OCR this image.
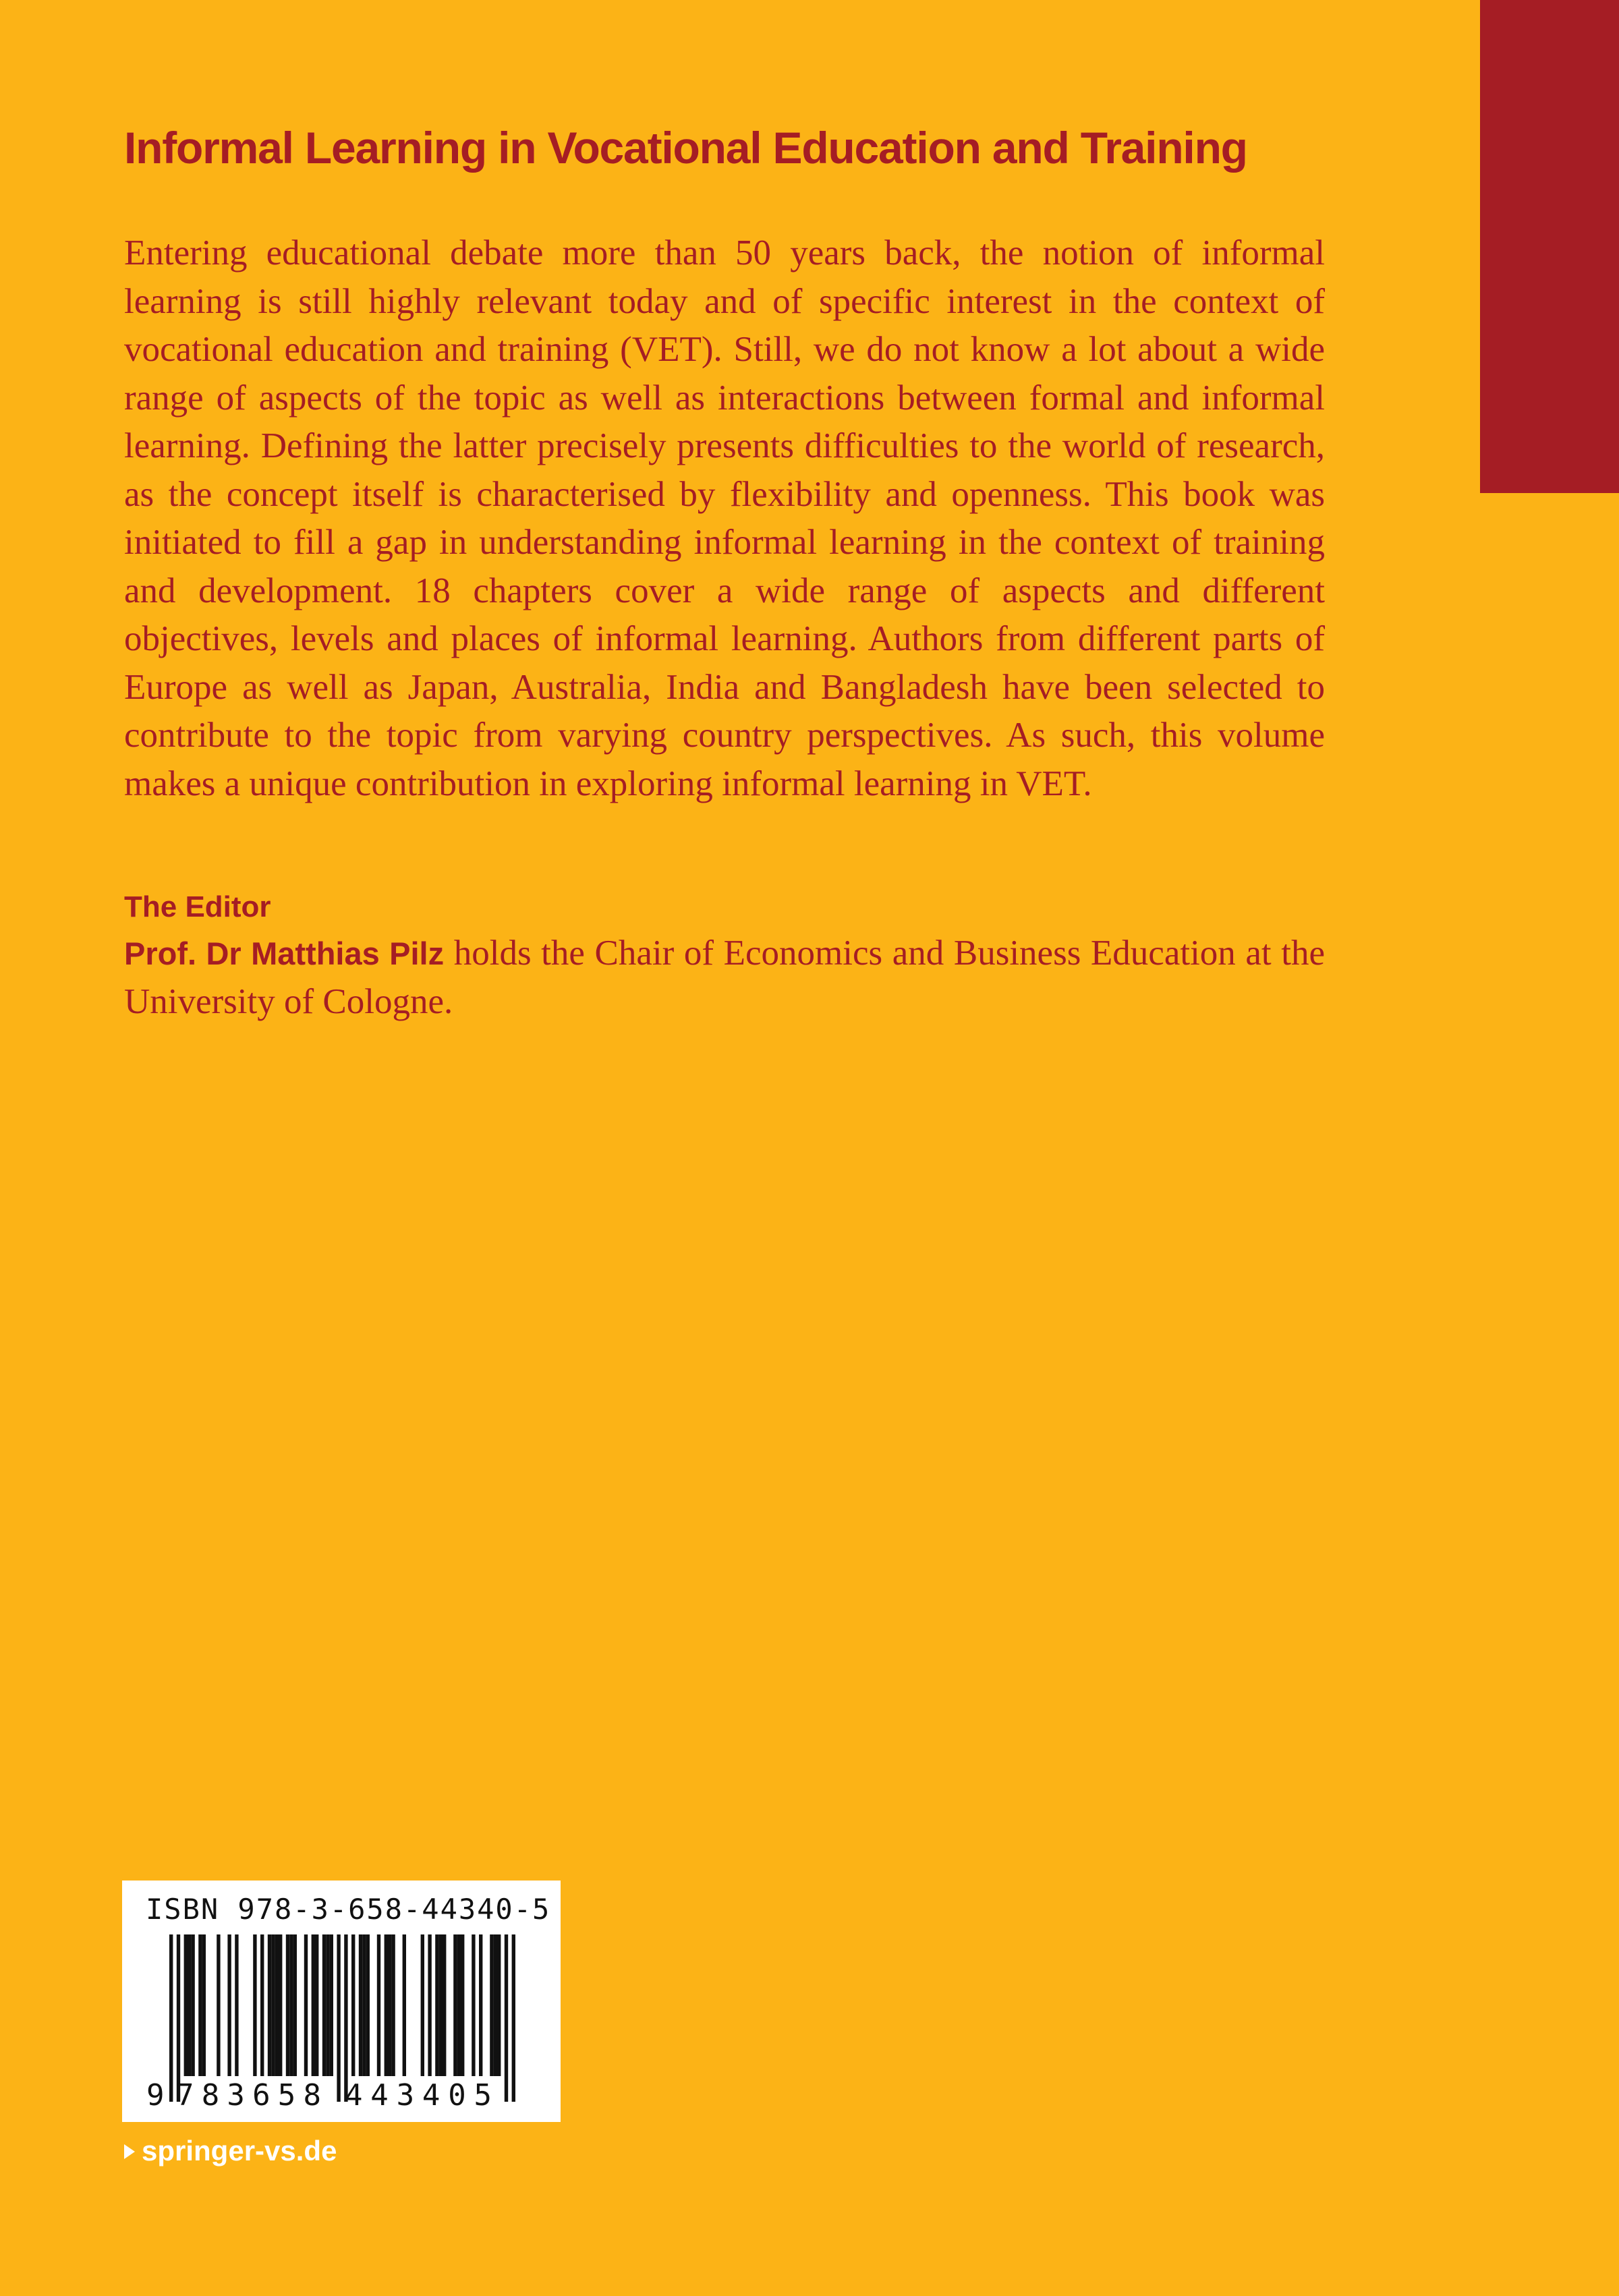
Informal Learning in Vocational Education and Training

Entering educational debate more than 50 years back, the notion of informal learning is still highly relevant today and of specific interest in the context of vocational education and training (VET). Still, we do not know a lot about a wide range of aspects of the topic as well as interactions between formal and informal learning. Defining the latter precisely presents difficulties to the world of research, as the concept itself is characterised by flexibility and openness. This book was initiated to fill a gap in understanding informal learning in the context of training and development. 18 chapters cover a wide range of aspects and different objectives, levels and places of informal learning. Authors from different parts of Europe as well as Japan, Australia, India and Bangladesh have been selected to contribute to the topic from varying country perspectives. As such, this volume makes a unique contribution in exploring informal learning in VET.

The Editor

Prof. Dr Matthias Pilz holds the Chair of Economics and Business Education at the University of Cologne.

ISBN 978-3-658-44340-5
9 783658 443405
springer-vs.de
